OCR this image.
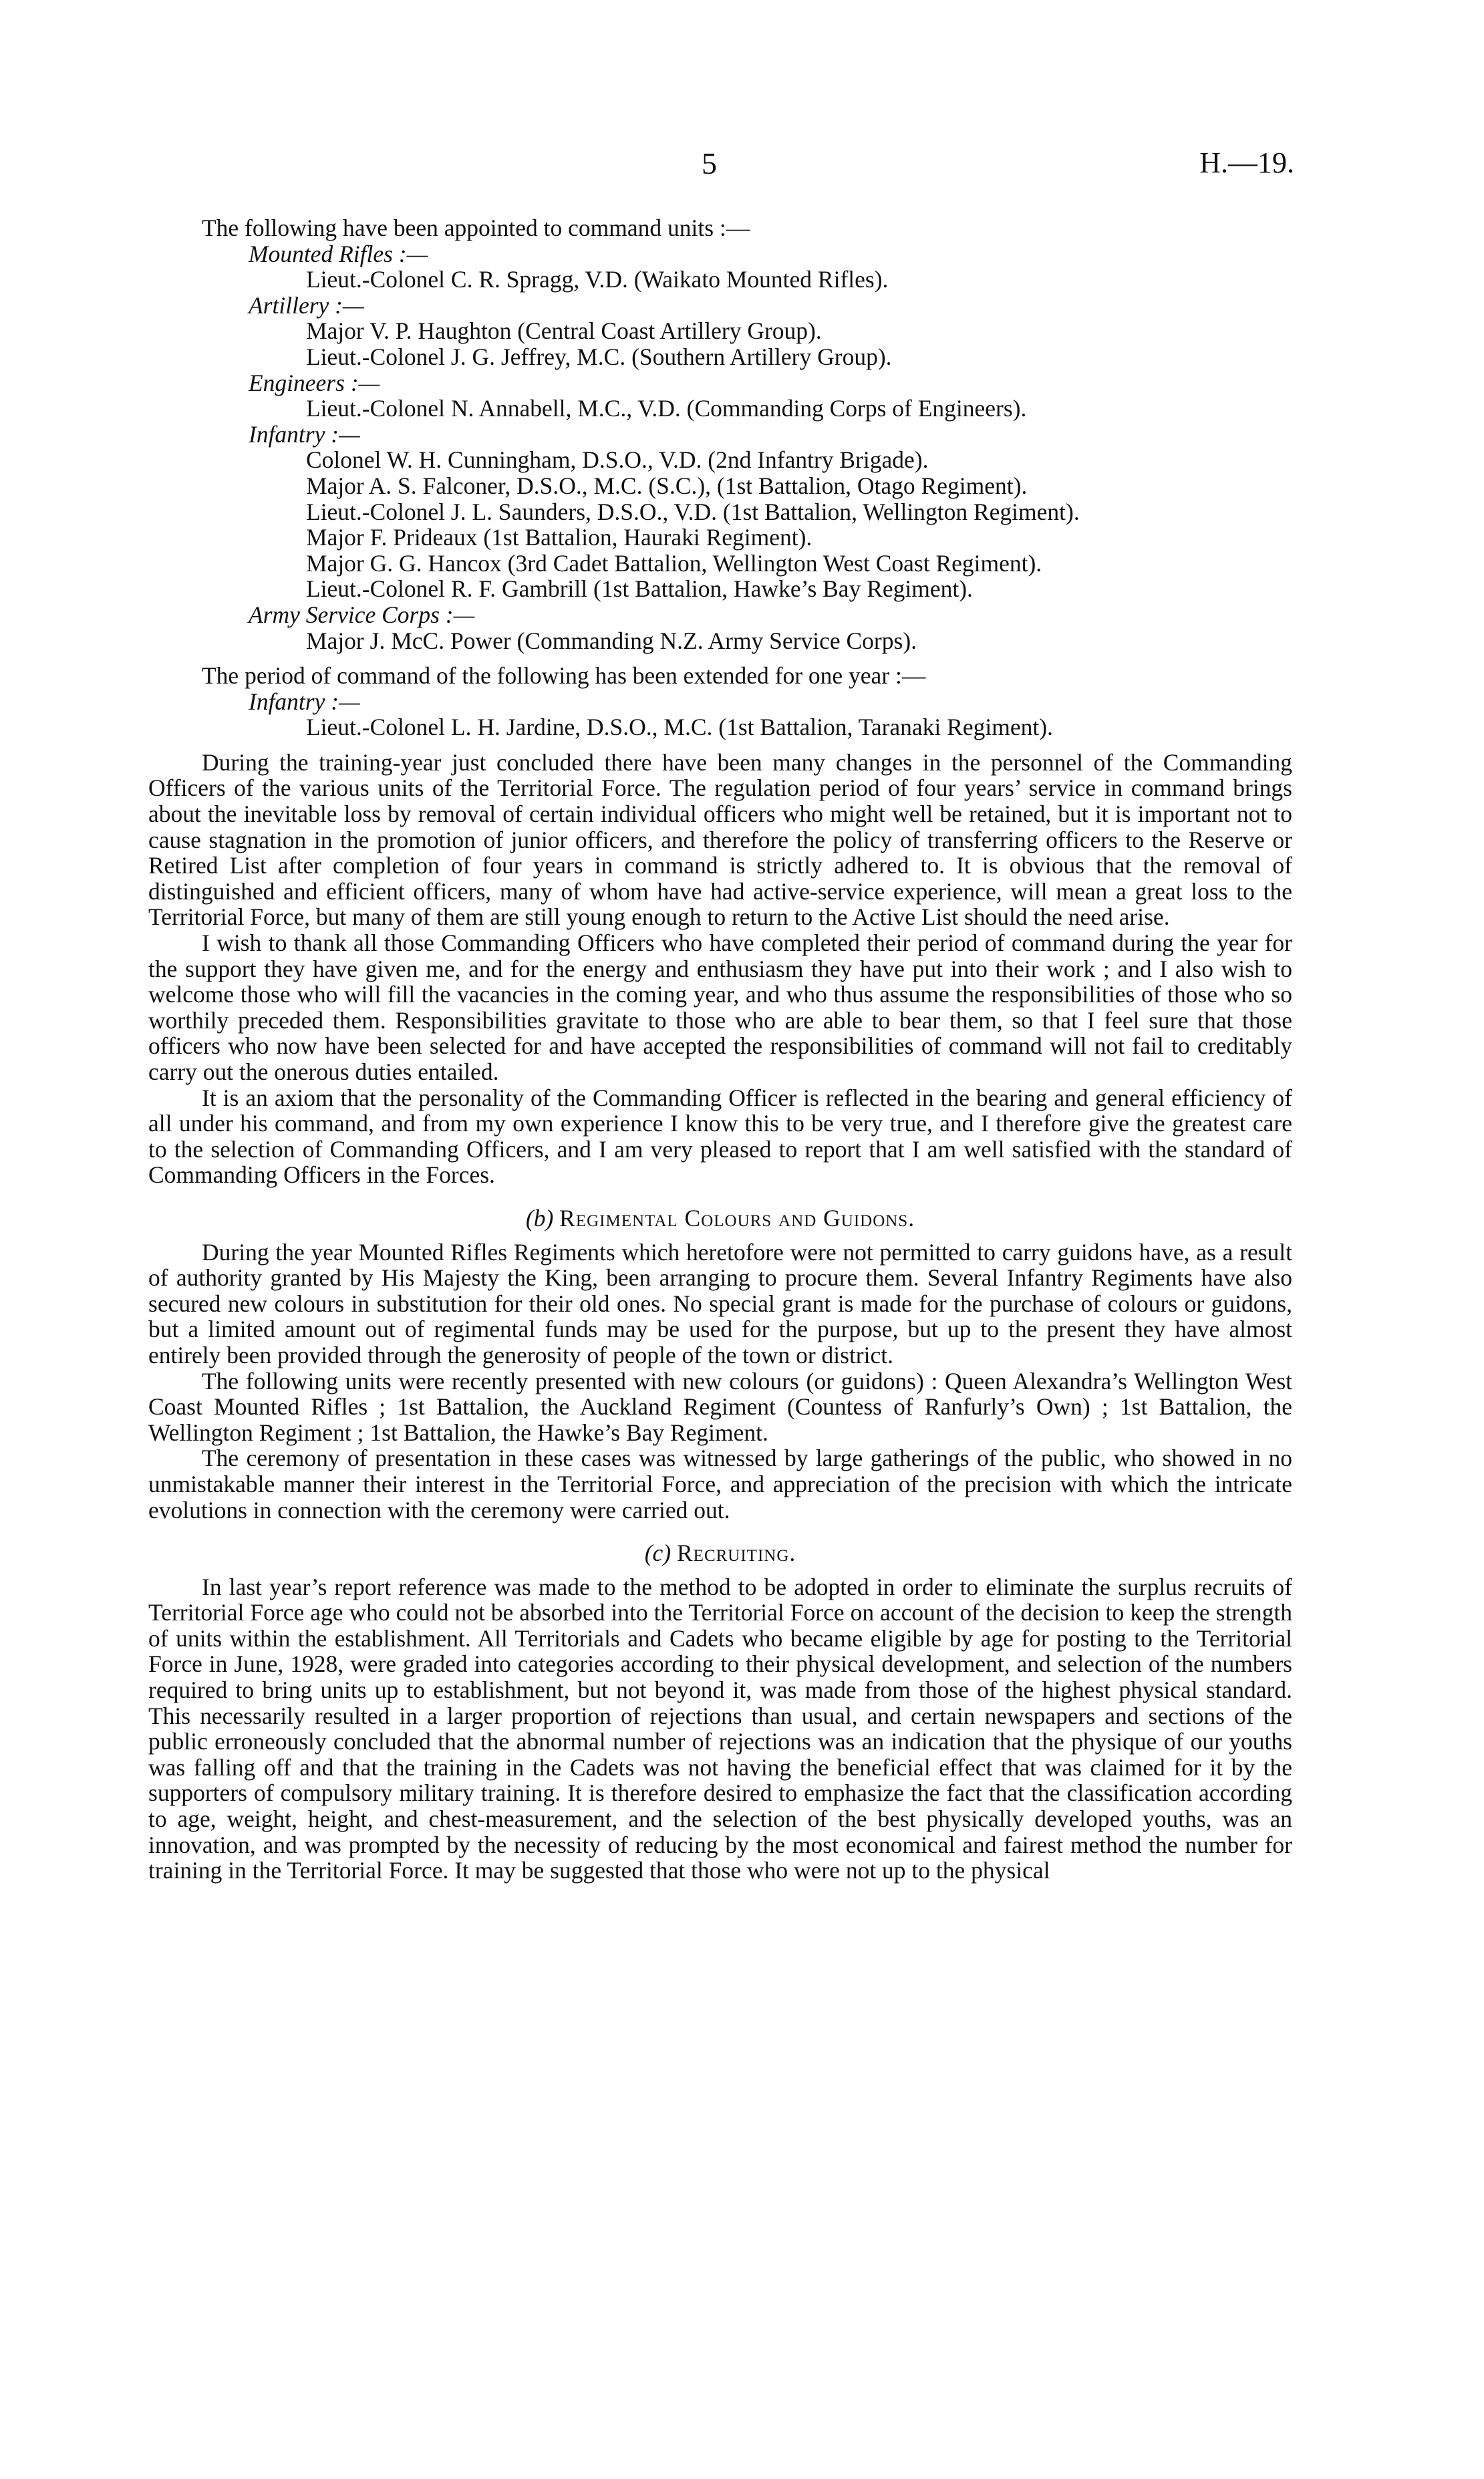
5	H.—19.

The following have been appointed to command units :—

Mounted Rifles :—
Lieut.-Colonel C. R. Spragg, V.D. (Waikato Mounted Rifles).
Artillery :—
Major V. P. Haughton (Central Coast Artillery Group).
Lieut.-Colonel J. G. Jeffrey, M.C. (Southern Artillery Group).
Engineers :—
Lieut.-Colonel N. Annabell, M.C., V.D. (Commanding Corps of Engineers).
Infantry :—
Colonel W. H. Cunningham, D.S.O., V.D. (2nd Infantry Brigade).
Major A. S. Falconer, D.S.O., M.C. (S.C.), (1st Battalion, Otago Regiment).
Lieut.-Colonel J. L. Saunders, D.S.O., V.D. (1st Battalion, Wellington Regiment).
Major F. Prideaux (1st Battalion, Hauraki Regiment).
Major G. G. Hancox (3rd Cadet Battalion, Wellington West Coast Regiment).
Lieut.-Colonel R. F. Gambrill (1st Battalion, Hawke’s Bay Regiment).
Army Service Corps :—
Major J. McC. Power (Commanding N.Z. Army Service Corps).

The period of command of the following has been extended for one year :—

Infantry :—
Lieut.-Colonel L. H. Jardine, D.S.O., M.C. (1st Battalion, Taranaki Regiment).

During the training-year just concluded there have been many changes in the personnel of the Commanding Officers of the various units of the Territorial Force. The regulation period of four years’ service in command brings about the inevitable loss by removal of certain individual officers who might well be retained, but it is important not to cause stagnation in the promotion of junior officers, and therefore the policy of transferring officers to the Reserve or Retired List after completion of four years in command is strictly adhered to. It is obvious that the removal of distinguished and efficient officers, many of whom have had active-service experience, will mean a great loss to the Territorial Force, but many of them are still young enough to return to the Active List should the need arise.

I wish to thank all those Commanding Officers who have completed their period of command during the year for the support they have given me, and for the energy and enthusiasm they have put into their work ; and I also wish to welcome those who will fill the vacancies in the coming year, and who thus assume the responsibilities of those who so worthily preceded them. Responsibilities gravitate to those who are able to bear them, so that I feel sure that those officers who now have been selected for and have accepted the responsibilities of command will not fail to creditably carry out the onerous duties entailed.

It is an axiom that the personality of the Commanding Officer is reflected in the bearing and general efficiency of all under his command, and from my own experience I know this to be very true, and I therefore give the greatest care to the selection of Commanding Officers, and I am very pleased to report that I am well satisfied with the standard of Commanding Officers in the Forces.

(b) Regimental Colours and Guidons.

During the year Mounted Rifles Regiments which heretofore were not permitted to carry guidons have, as a result of authority granted by His Majesty the King, been arranging to procure them. Several Infantry Regiments have also secured new colours in substitution for their old ones. No special grant is made for the purchase of colours or guidons, but a limited amount out of regimental funds may be used for the purpose, but up to the present they have almost entirely been provided through the generosity of people of the town or district.

The following units were recently presented with new colours (or guidons) : Queen Alexandra’s Wellington West Coast Mounted Rifles ; 1st Battalion, the Auckland Regiment (Countess of Ranfurly’s Own) ; 1st Battalion, the Wellington Regiment ; 1st Battalion, the Hawke’s Bay Regiment.

The ceremony of presentation in these cases was witnessed by large gatherings of the public, who showed in no unmistakable manner their interest in the Territorial Force, and appreciation of the precision with which the intricate evolutions in connection with the ceremony were carried out.

(c) Recruiting.

In last year’s report reference was made to the method to be adopted in order to eliminate the surplus recruits of Territorial Force age who could not be absorbed into the Territorial Force on account of the decision to keep the strength of units within the establishment. All Territorials and Cadets who became eligible by age for posting to the Territorial Force in June, 1928, were graded into categories according to their physical development, and selection of the numbers required to bring units up to establishment, but not beyond it, was made from those of the highest physical standard. This necessarily resulted in a larger proportion of rejections than usual, and certain newspapers and sections of the public erroneously concluded that the abnormal number of rejections was an indication that the physique of our youths was falling off and that the training in the Cadets was not having the beneficial effect that was claimed for it by the supporters of compulsory military training. It is therefore desired to emphasize the fact that the classification according to age, weight, height, and chest-measurement, and the selection of the best physically developed youths, was an innovation, and was prompted by the necessity of reducing by the most economical and fairest method the number for training in the Territorial Force. It may be suggested that those who were not up to the physical
